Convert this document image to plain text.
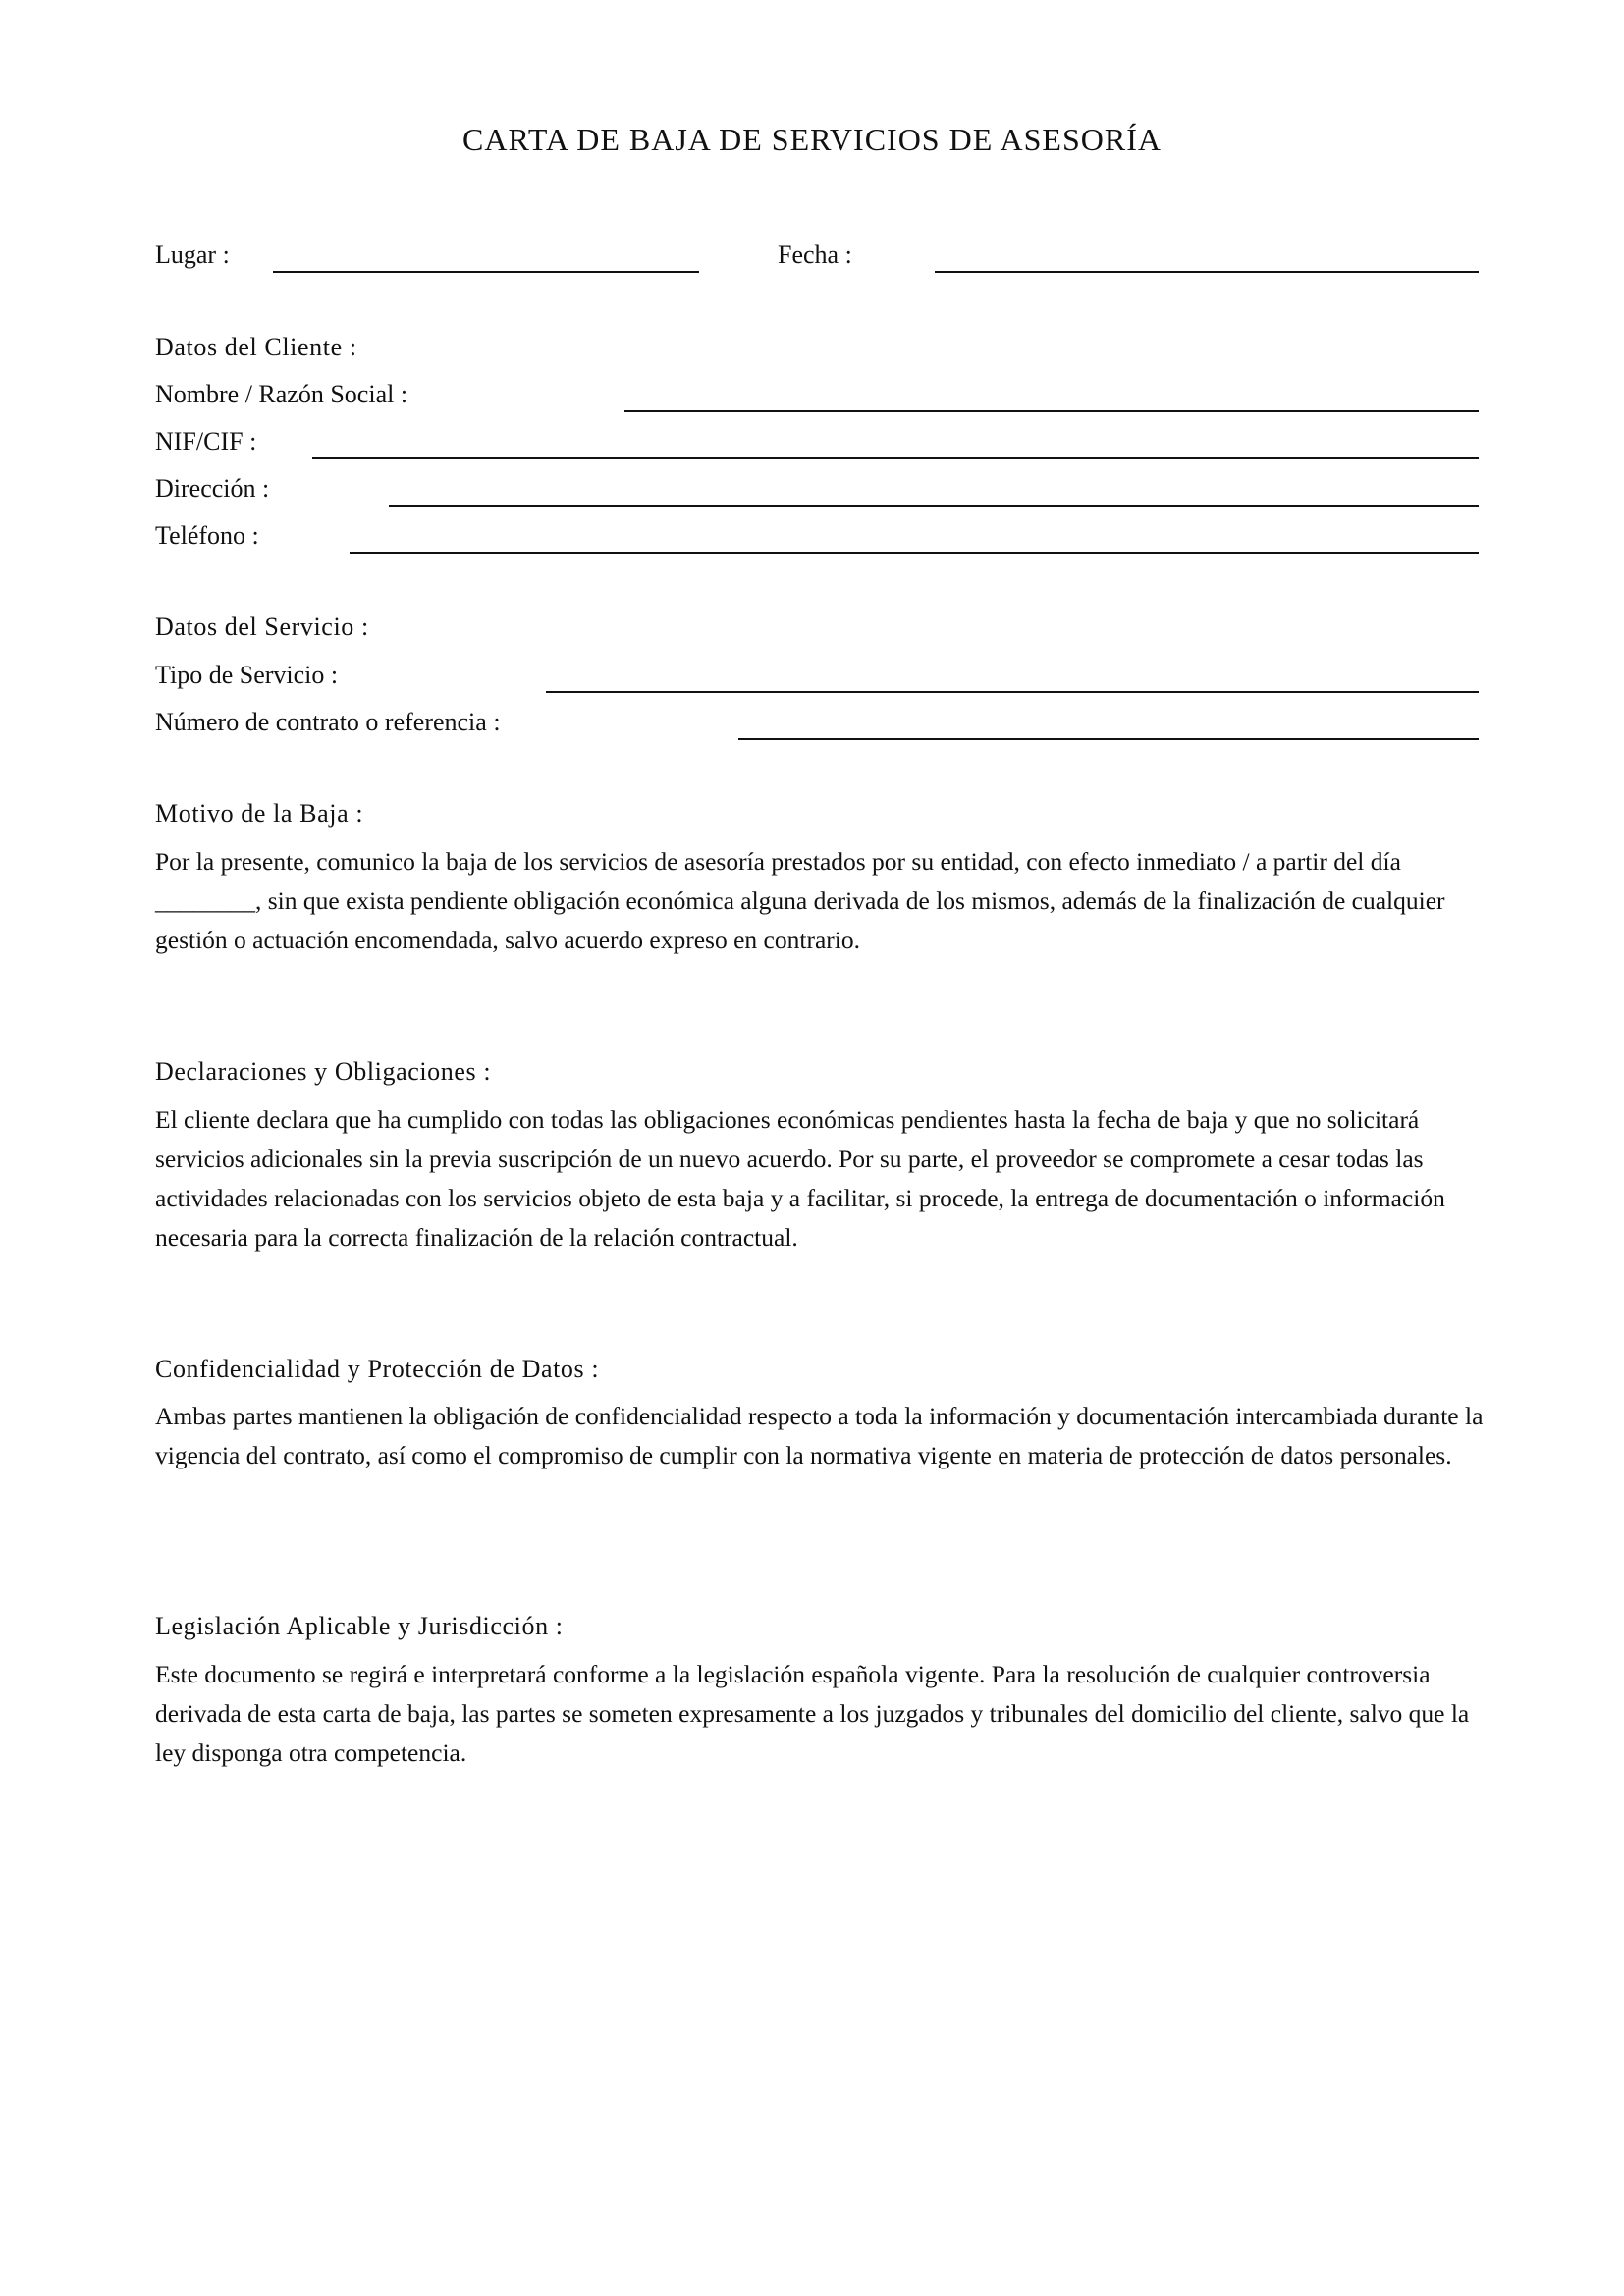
CARTA DE BAJA DE SERVICIOS DE ASESORÍA
Lugar :	Fecha :
Datos del Cliente :
Nombre / Razón Social :
NIF/CIF :
Dirección :
Teléfono :
Datos del Servicio :
Tipo de Servicio :
Número de contrato o referencia :
Motivo de la Baja :

Por la presente, comunico la baja de los servicios de asesoría prestados por su entidad, con efecto inmediato / a partir del día ________, sin que exista pendiente obligación económica alguna derivada de los mismos, además de la finalización de cualquier gestión o actuación encomendada, salvo acuerdo expreso en contrario.

Declaraciones y Obligaciones :

El cliente declara que ha cumplido con todas las obligaciones económicas pendientes hasta la fecha de baja y que no solicitará servicios adicionales sin la previa suscripción de un nuevo acuerdo. Por su parte, el proveedor se compromete a cesar todas las actividades relacionadas con los servicios objeto de esta baja y a facilitar, si procede, la entrega de documentación o información necesaria para la correcta finalización de la relación contractual.

Confidencialidad y Protección de Datos :

Ambas partes mantienen la obligación de confidencialidad respecto a toda la información y documentación intercambiada durante la vigencia del contrato, así como el compromiso de cumplir con la normativa vigente en materia de protección de datos personales.

Legislación Aplicable y Jurisdicción :

Este documento se regirá e interpretará conforme a la legislación española vigente. Para la resolución de cualquier controversia derivada de esta carta de baja, las partes se someten expresamente a los juzgados y tribunales del domicilio del cliente, salvo que la ley disponga otra competencia.
